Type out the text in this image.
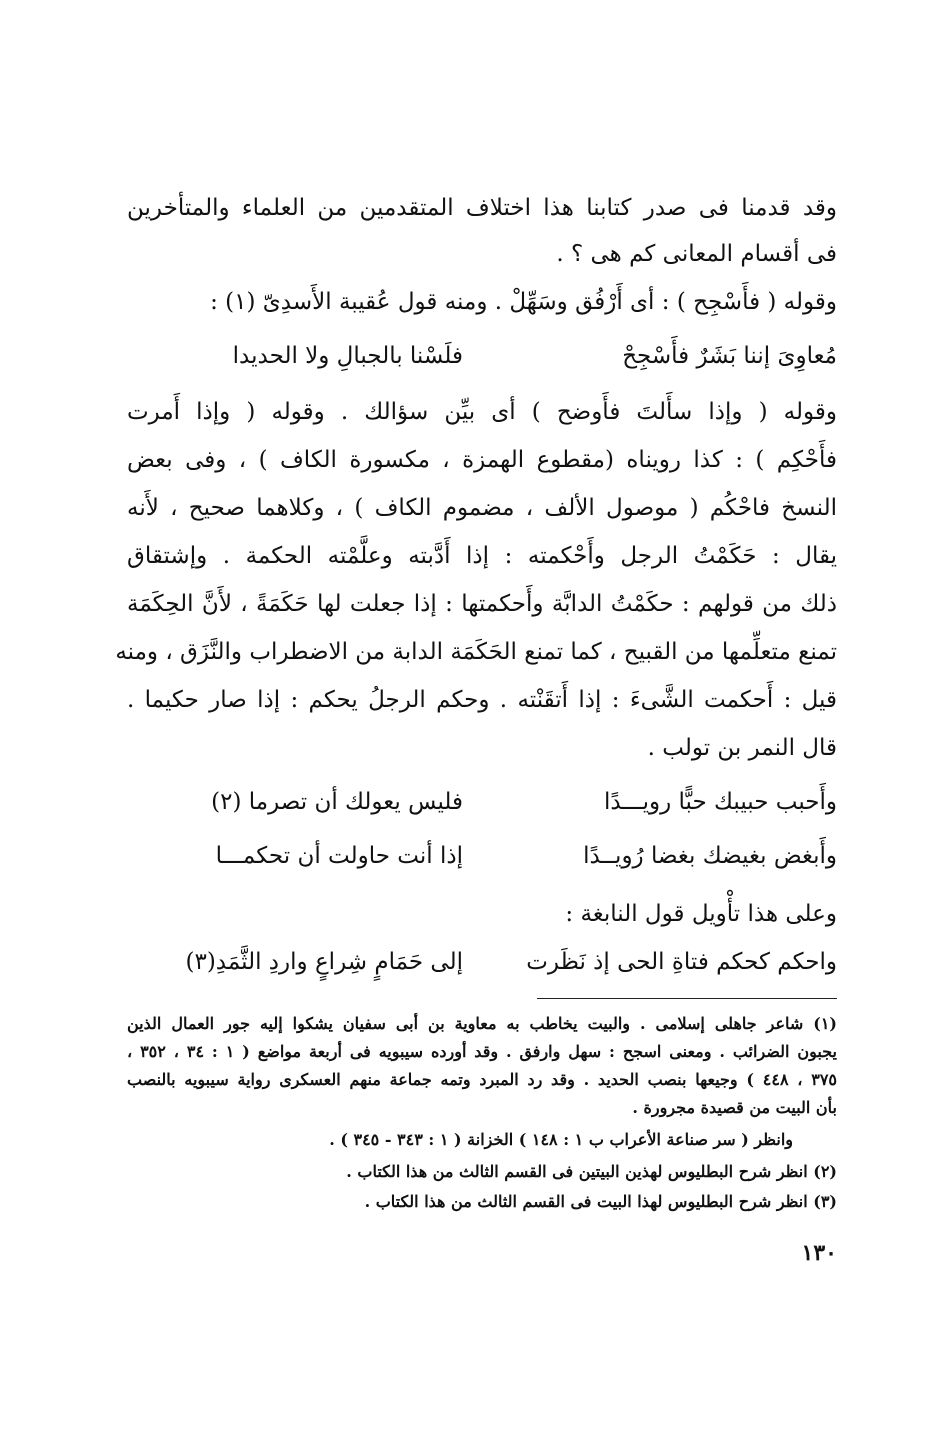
وقد قدمنا فى صدر كتابنا هذا اختلاف المتقدمين من العلماء والمتأخرين
فى أقسام المعانى كم هى ؟ .
وقوله ( فأَسْجِح ) : أى أَرْفُق وسَهِّلْ . ومنه قول عُقيبة الأَسدِىّ (١) :
مُعاوِىَ إننا بَشَرٌ فأَسْجِحْ
فلَسْنا بالجبالِ ولا الحديدا
وقوله ( وإذا سأَلتَ فأَوضح ) أى بيِّن سؤالك . وقوله ( وإذا أَمرت
فأَحْكِم ) : كذا رويناه (مقطوع الهمزة ، مكسورة الكاف ) ، وفى بعض
النسخ فاحْكُم ( موصول الألف ، مضموم الكاف ) ، وكلاهما صحيح ، لأَنه
يقال : حَكَمْتُ الرجل وأَحْكمته : إذا أَدَّبته وعلَّمْته الحكمة . وإشتقاق
ذلك من قولهم : حكَمْتُ الدابَّة وأَحكمتها : إذا جعلت لها حَكَمَةً ، لأَنَّ الحِكَمَة
تمنع متعلِّمها من القبيح ، كما تمنع الحَكَمَة الدابة من الاضطراب والنَّزَق ، ومنه
قيل : أَحكمت الشَّىءَ : إذا أَتقَنْته . وحكم الرجلُ يحكم : إذا صار حكيما .
قال النمر بن تولب .
وأَحبب حبيبك حبًّا رويـــدًا
فليس يعولك أن تصرما (٢)
وأَبغض بغيضك بغضا رُويــدًا
إذا أنت حاولت أن تحكمـــا
وعلى هذا تأْويل قول النابغة :
واحكم كحكم فتاةِ الحى إذ نَظَرت
إلى حَمَامٍ شِراعٍ واردِ الثَّمَدِ(٣)
(١) شاعر جاهلى إسلامى . والبيت يخاطب به معاوية بن أبى سفيان يشكوا إليه جور العمال الذين
يجبون الضرائب . ومعنى اسجح : سهل وارفق . وقد أورده سيبويه فى أربعة مواضع ( ١ : ٣٤ ، ٣٥٢ ،
٣٧٥ ، ٤٤٨ ) وجيعها بنصب الحديد . وقد رد المبرد وتمه جماعة منهم العسكرى رواية سيبويه بالنصب
بأن البيت من قصيدة مجرورة .
وانظر ( سر صناعة الأعراب ب ١ : ١٤٨ ) الخزانة ( ١ : ٣٤٣ - ٣٤٥ ) .
(٢) انظر شرح البطليوس لهذين البيتين فى القسم الثالث من هذا الكتاب .
(٣) انظر شرح البطليوس لهذا البيت فى القسم الثالث من هذا الكتاب .
١٣٠
